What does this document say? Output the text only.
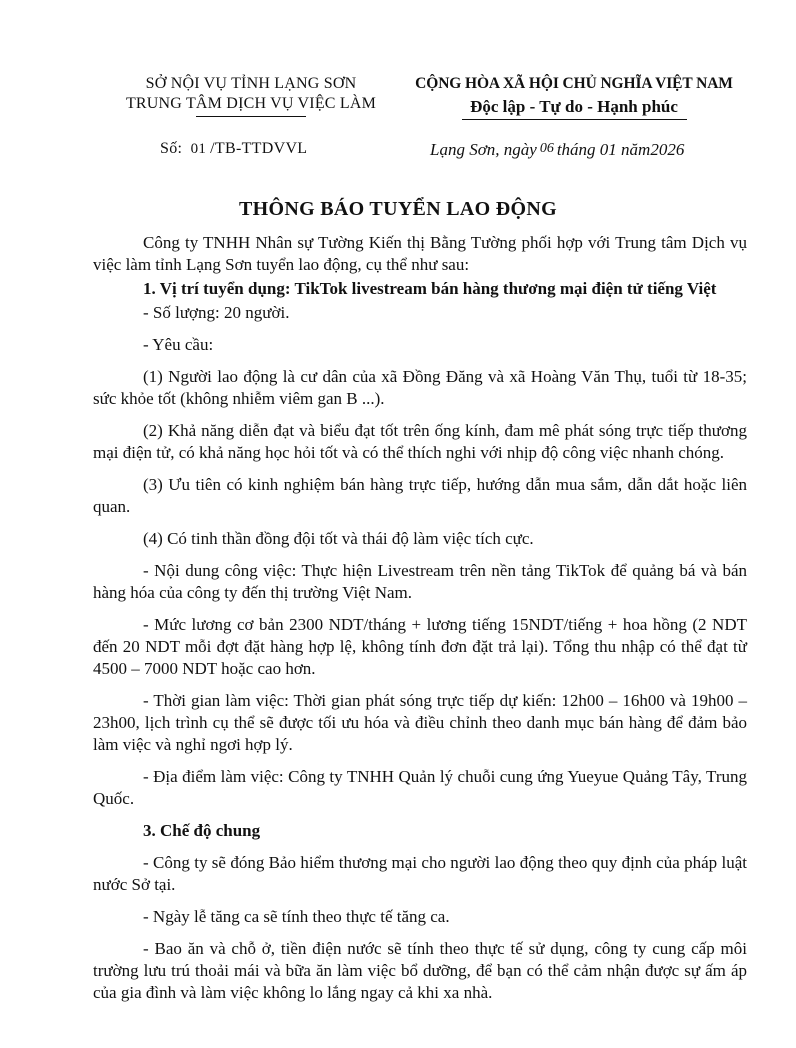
SỞ NỘI VỤ TỈNH LẠNG SƠN
TRUNG TÂM DỊCH VỤ VIỆC LÀM
CỘNG HÒA XÃ HỘI CHỦ NGHĨA VIỆT NAM
Độc lập - Tự do - Hạnh phúc
Số: 01 /TB-TTDVVL	Lạng Sơn, ngày 06 tháng 01 năm2026
THÔNG BÁO TUYỂN LAO ĐỘNG

Công ty TNHH Nhân sự Tường Kiến thị Bằng Tường phối hợp với Trung tâm Dịch vụ việc làm tỉnh Lạng Sơn tuyển lao động, cụ thể như sau:

1. Vị trí tuyển dụng: TikTok livestream bán hàng thương mại điện tử tiếng Việt

- Số lượng: 20 người.

- Yêu cầu:

(1) Người lao động là cư dân của xã Đồng Đăng và xã Hoàng Văn Thụ, tuổi từ 18-35; sức khỏe tốt (không nhiễm viêm gan B ...).

(2) Khả năng diễn đạt và biểu đạt tốt trên ống kính, đam mê phát sóng trực tiếp thương mại điện tử, có khả năng học hỏi tốt và có thể thích nghi với nhịp độ công việc nhanh chóng.

(3) Ưu tiên có kinh nghiệm bán hàng trực tiếp, hướng dẫn mua sắm, dẫn dắt hoặc liên quan.

(4) Có tinh thần đồng đội tốt và thái độ làm việc tích cực.

- Nội dung công việc: Thực hiện Livestream trên nền tảng TikTok để quảng bá và bán hàng hóa của công ty đến thị trường Việt Nam.

- Mức lương cơ bản 2300 NDT/tháng + lương tiếng 15NDT/tiếng + hoa hồng (2 NDT đến 20 NDT mỗi đợt đặt hàng hợp lệ, không tính đơn đặt trả lại). Tổng thu nhập có thể đạt từ 4500 – 7000 NDT hoặc cao hơn.

- Thời gian làm việc: Thời gian phát sóng trực tiếp dự kiến: 12h00 – 16h00 và 19h00 – 23h00, lịch trình cụ thể sẽ được tối ưu hóa và điều chỉnh theo danh mục bán hàng để đảm bảo làm việc và nghỉ ngơi hợp lý.

- Địa điểm làm việc: Công ty TNHH Quản lý chuỗi cung ứng Yueyue Quảng Tây, Trung Quốc.

3. Chế độ chung

- Công ty sẽ đóng Bảo hiểm thương mại cho người lao động theo quy định của pháp luật nước Sở tại.

- Ngày lễ tăng ca sẽ tính theo thực tế tăng ca.

- Bao ăn và chỗ ở, tiền điện nước sẽ tính theo thực tế sử dụng, công ty cung cấp môi trường lưu trú thoải mái và bữa ăn làm việc bổ dưỡng, để bạn có thể cảm nhận được sự ấm áp của gia đình và làm việc không lo lắng ngay cả khi xa nhà.
